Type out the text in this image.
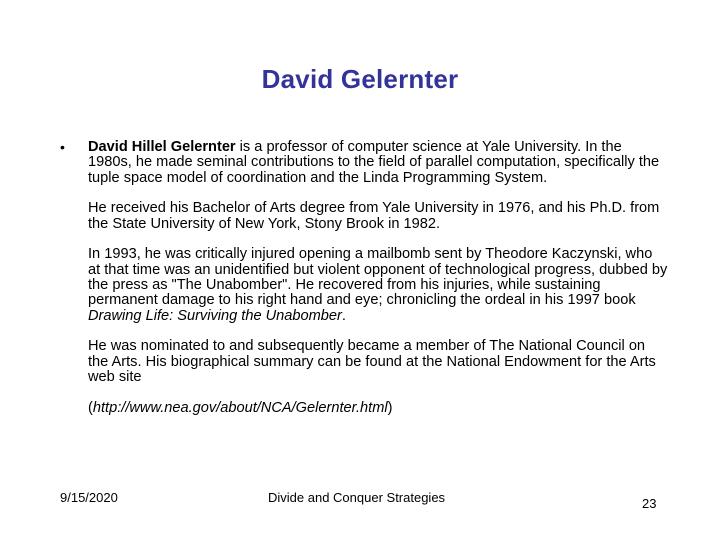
David Gelernter
• David Hillel Gelernter is a professor of computer science at Yale University. In the 1980s, he made seminal contributions to the field of parallel computation, specifically the tuple space model of coordination and the Linda Programming System.

He received his Bachelor of Arts degree from Yale University in 1976, and his Ph.D. from the State University of New York, Stony Brook in 1982.

In 1993, he was critically injured opening a mailbomb sent by Theodore Kaczynski, who at that time was an unidentified but violent opponent of technological progress, dubbed by the press as "The Unabomber". He recovered from his injuries, while sustaining permanent damage to his right hand and eye; chronicling the ordeal in his 1997 book Drawing Life: Surviving the Unabomber.

He was nominated to and subsequently became a member of The National Council on the Arts. His biographical summary can be found at the National Endowment for the Arts web site

(http://www.nea.gov/about/NCA/Gelernter.html)

9/15/2020	Divide and Conquer Strategies	23
